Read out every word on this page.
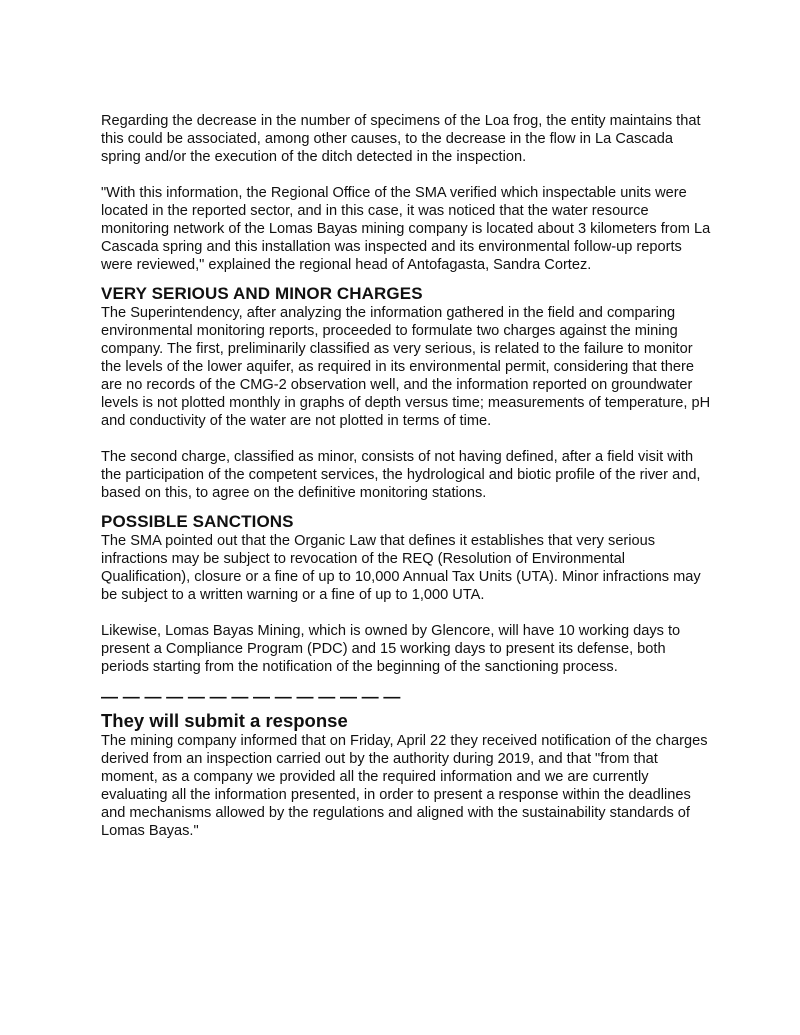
Regarding the decrease in the number of specimens of the Loa frog, the entity maintains that this could be associated, among other causes, to the decrease in the flow in La Cascada spring and/or the execution of the ditch detected in the inspection.

"With this information, the Regional Office of the SMA verified which inspectable units were located in the reported sector, and in this case, it was noticed that the water resource monitoring network of the Lomas Bayas mining company is located about 3 kilometers from La Cascada spring and this installation was inspected and its environmental follow-up reports were reviewed," explained the regional head of Antofagasta, Sandra Cortez.

VERY SERIOUS AND MINOR CHARGES

The Superintendency, after analyzing the information gathered in the field and comparing environmental monitoring reports, proceeded to formulate two charges against the mining company. The first, preliminarily classified as very serious, is related to the failure to monitor the levels of the lower aquifer, as required in its environmental permit, considering that there are no records of the CMG-2 observation well, and the information reported on groundwater levels is not plotted monthly in graphs of depth versus time; measurements of temperature, pH and conductivity of the water are not plotted in terms of time.

The second charge, classified as minor, consists of not having defined, after a field visit with the participation of the competent services, the hydrological and biotic profile of the river and, based on this, to agree on the definitive monitoring stations.

POSSIBLE SANCTIONS

The SMA pointed out that the Organic Law that defines it establishes that very serious infractions may be subject to revocation of the REQ (Resolution of Environmental Qualification), closure or a fine of up to 10,000 Annual Tax Units (UTA). Minor infractions may be subject to a written warning or a fine of up to 1,000 UTA.

Likewise, Lomas Bayas Mining, which is owned by Glencore, will have 10 working days to present a Compliance Program (PDC) and 15 working days to present its defense, both periods starting from the notification of the beginning of the sanctioning process.

— — — — — — — — — — — — — —
They will submit a response

The mining company informed that on Friday, April 22 they received notification of the charges derived from an inspection carried out by the authority during 2019, and that "from that moment, as a company we provided all the required information and we are currently evaluating all the information presented, in order to present a response within the deadlines and mechanisms allowed by the regulations and aligned with the sustainability standards of Lomas Bayas."
